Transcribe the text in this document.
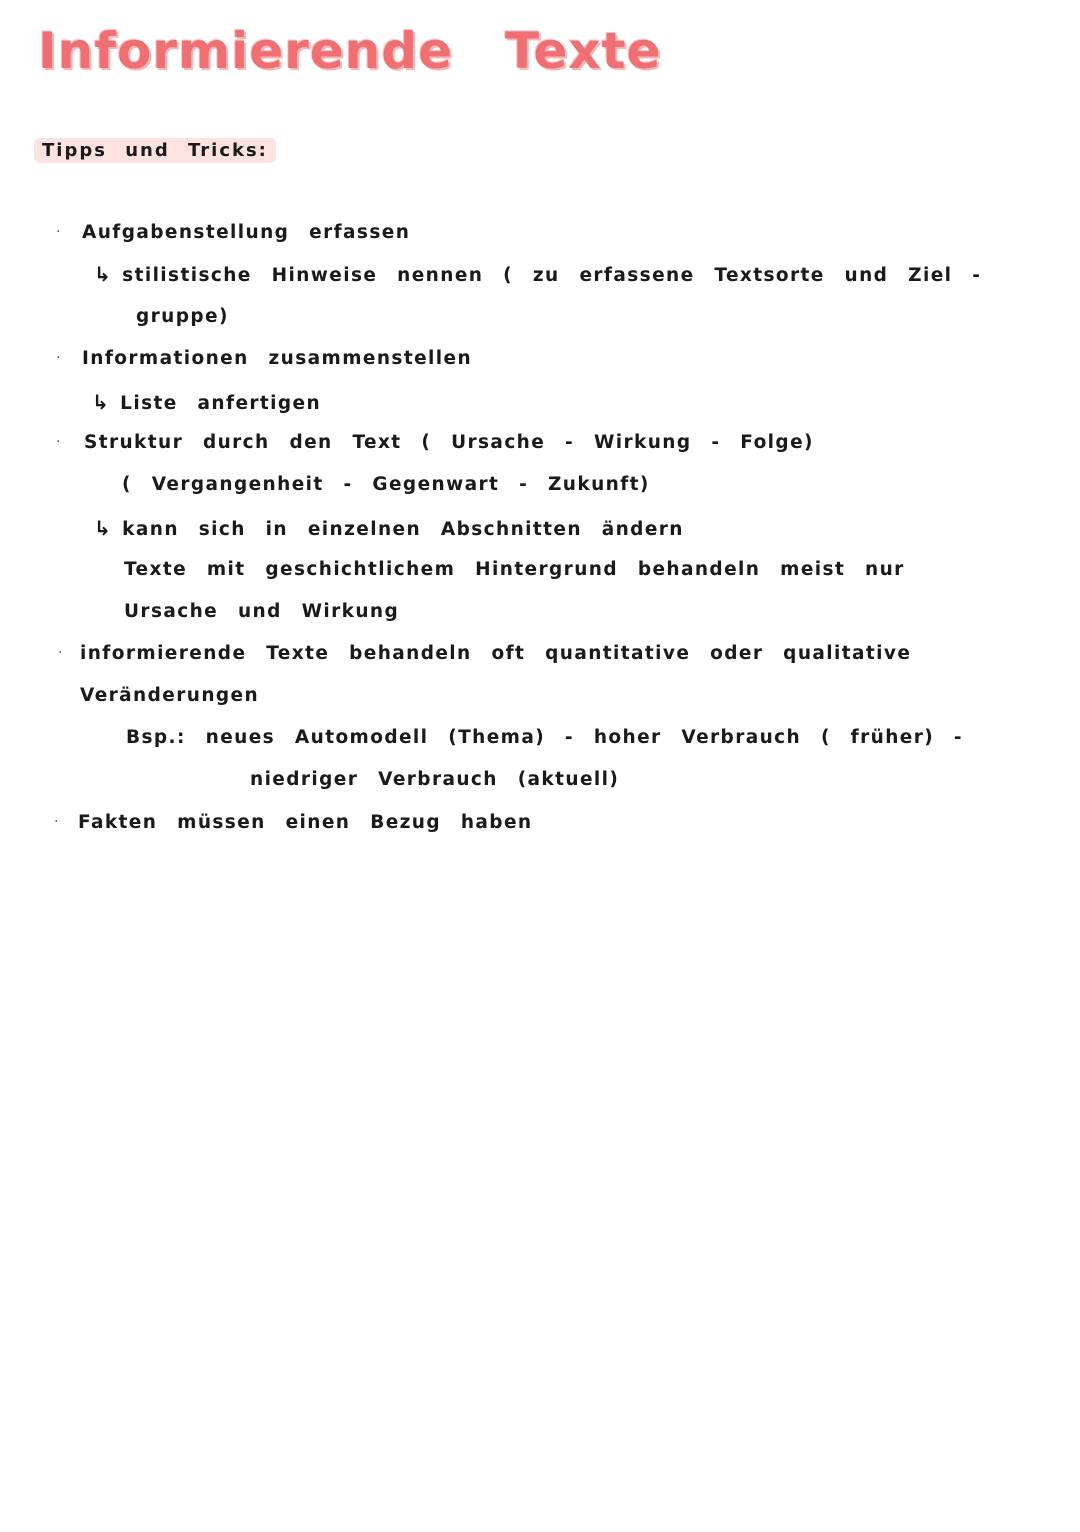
Informierende Texte
Tipps und Tricks:
· Aufgabenstellung erfassen
↳ stilistische Hinweise nennen ( zu erfassene Textsorte und Ziel -
gruppe)
· Informationen zusammenstellen
↳ Liste anfertigen
· Struktur durch den Text ( Ursache - Wirkung - Folge)
( Vergangenheit - Gegenwart - Zukunft)
↳ kann sich in einzelnen Abschnitten ändern
Texte mit geschichtlichem Hintergrund behandeln meist nur
Ursache und Wirkung
· informierende Texte behandeln oft quantitative oder qualitative
Veränderungen
Bsp.: neues Automodell (Thema) - hoher Verbrauch ( früher) -
niedriger Verbrauch (aktuell)
· Fakten müssen einen Bezug haben
